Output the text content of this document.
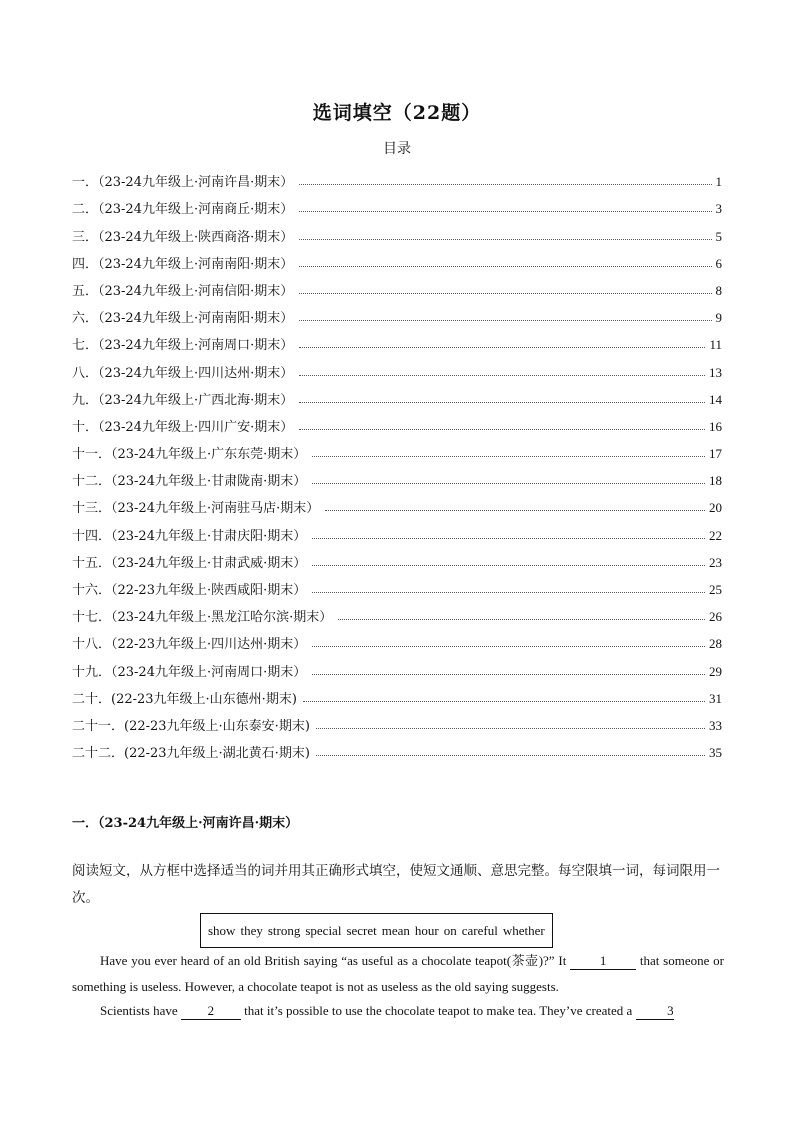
选词填空（22题）
目录
一．（23-24九年级上·河南许昌·期末）	1
二．（23-24九年级上·河南商丘·期末）	3
三．（23-24九年级上·陕西商洛·期末）	5
四．（23-24九年级上·河南南阳·期末）	6
五．（23-24九年级上·河南信阳·期末）	8
六．（23-24九年级上·河南南阳·期末）	9
七．（23-24九年级上·河南周口·期末）	11
八．（23-24九年级上·四川达州·期末）	13
九．（23-24九年级上·广西北海·期末）	14
十．（23-24九年级上·四川广安·期末）	16
十一．（23-24九年级上·广东东莞·期末）	17
十二．（23-24九年级上·甘肃陇南·期末）	18
十三．（23-24九年级上·河南驻马店·期末）	20
十四．（23-24九年级上·甘肃庆阳·期末）	22
十五．（23-24九年级上·甘肃武威·期末）	23
十六．（22-23九年级上·陕西咸阳·期末）	25
十七．（23-24九年级上·黑龙江哈尔滨·期末）	26
十八．（22-23九年级上·四川达州·期末）	28
十九．（23-24九年级上·河南周口·期末）	29
二十．(22-23九年级上·山东德州·期末)	31
二十一．(22-23九年级上·山东泰安·期末)	33
二十二．(22-23九年级上·湖北黄石·期末)	35
一．（23-24九年级上·河南许昌·期末）
阅读短文，从方框中选择适当的词并用其正确形式填空，使短文通顺、意思完整。每空限填一词，每词限用一次。
show they strong special secret mean hour on careful whether
Have you ever heard of an old British saying “as useful as a chocolate teapot(茶壶)?” It 1 that someone or something is useless. However, a chocolate teapot is not as useless as the old saying suggests.
Scientists have 2 that it’s possible to use the chocolate teapot to make tea. They’ve created a 3
